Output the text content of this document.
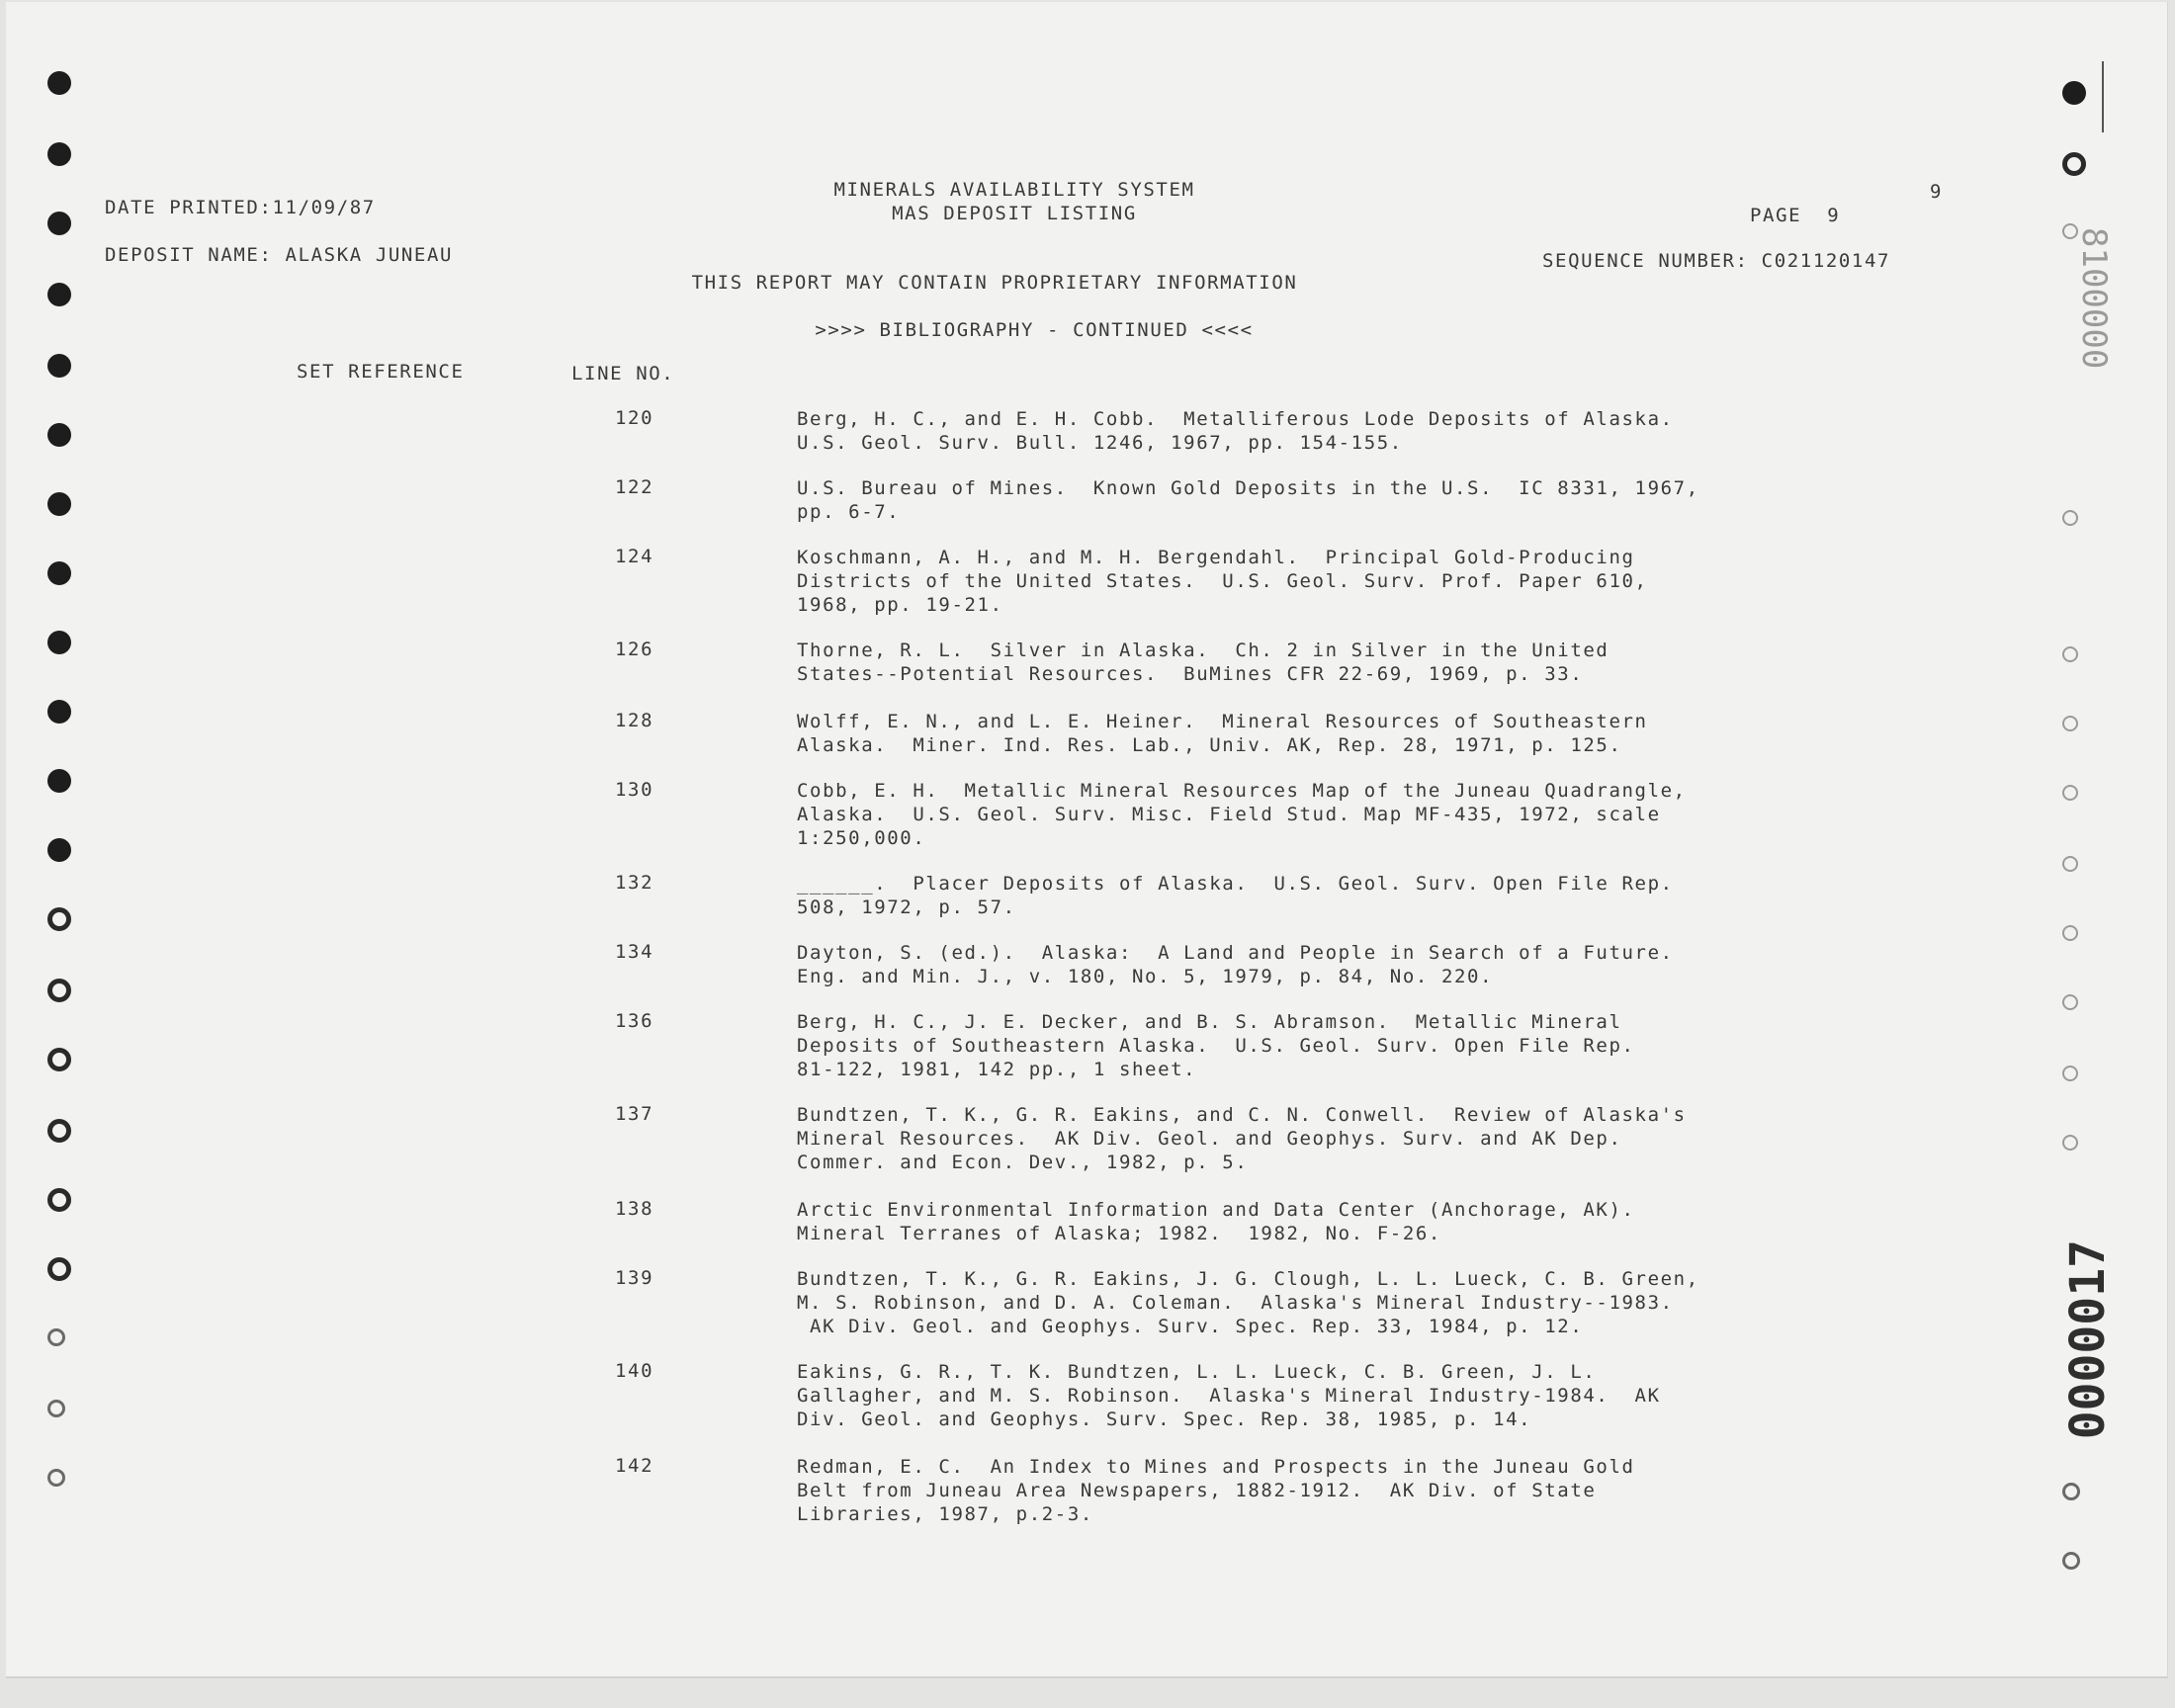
DATE PRINTED:11/09/87
MINERALS AVAILABILITY SYSTEM
MAS DEPOSIT LISTING	PAGE  9
9
DEPOSIT NAME: ALASKA JUNEAU	SEQUENCE NUMBER: C021120147
THIS REPORT MAY CONTAIN PROPRIETARY INFORMATION
>>>> BIBLIOGRAPHY - CONTINUED <<<<
SET REFERENCE	LINE NO.
120	Berg, H. C., and E. H. Cobb.  Metalliferous Lode Deposits of Alaska.
U.S. Geol. Surv. Bull. 1246, 1967, pp. 154-155.
122	U.S. Bureau of Mines.  Known Gold Deposits in the U.S.  IC 8331, 1967,
pp. 6-7.
124	Koschmann, A. H., and M. H. Bergendahl.  Principal Gold-Producing
Districts of the United States.  U.S. Geol. Surv. Prof. Paper 610,
1968, pp. 19-21.
126	Thorne, R. L.  Silver in Alaska.  Ch. 2 in Silver in the United
States--Potential Resources.  BuMines CFR 22-69, 1969, p. 33.
128	Wolff, E. N., and L. E. Heiner.  Mineral Resources of Southeastern
Alaska.  Miner. Ind. Res. Lab., Univ. AK, Rep. 28, 1971, p. 125.
130	Cobb, E. H.  Metallic Mineral Resources Map of the Juneau Quadrangle,
Alaska.  U.S. Geol. Surv. Misc. Field Stud. Map MF-435, 1972, scale
1:250,000.
132	______.  Placer Deposits of Alaska.  U.S. Geol. Surv. Open File Rep.
508, 1972, p. 57.
134	Dayton, S. (ed.).  Alaska:  A Land and People in Search of a Future.
Eng. and Min. J., v. 180, No. 5, 1979, p. 84, No. 220.
136	Berg, H. C., J. E. Decker, and B. S. Abramson.  Metallic Mineral
Deposits of Southeastern Alaska.  U.S. Geol. Surv. Open File Rep.
81-122, 1981, 142 pp., 1 sheet.
137	Bundtzen, T. K., G. R. Eakins, and C. N. Conwell.  Review of Alaska's
Mineral Resources.  AK Div. Geol. and Geophys. Surv. and AK Dep.
Commer. and Econ. Dev., 1982, p. 5.
138	Arctic Environmental Information and Data Center (Anchorage, AK).
Mineral Terranes of Alaska; 1982.  1982, No. F-26.
139	Bundtzen, T. K., G. R. Eakins, J. G. Clough, L. L. Lueck, C. B. Green,
M. S. Robinson, and D. A. Coleman.  Alaska's Mineral Industry--1983.
AK Div. Geol. and Geophys. Surv. Spec. Rep. 33, 1984, p. 12.
140	Eakins, G. R., T. K. Bundtzen, L. L. Lueck, C. B. Green, J. L.
Gallagher, and M. S. Robinson.  Alaska's Mineral Industry-1984.  AK
Div. Geol. and Geophys. Surv. Spec. Rep. 38, 1985, p. 14.
142	Redman, E. C.  An Index to Mines and Prospects in the Juneau Gold
Belt from Juneau Area Newspapers, 1882-1912.  AK Div. of State
Libraries, 1987, p.2-3.
8100000
0000017
